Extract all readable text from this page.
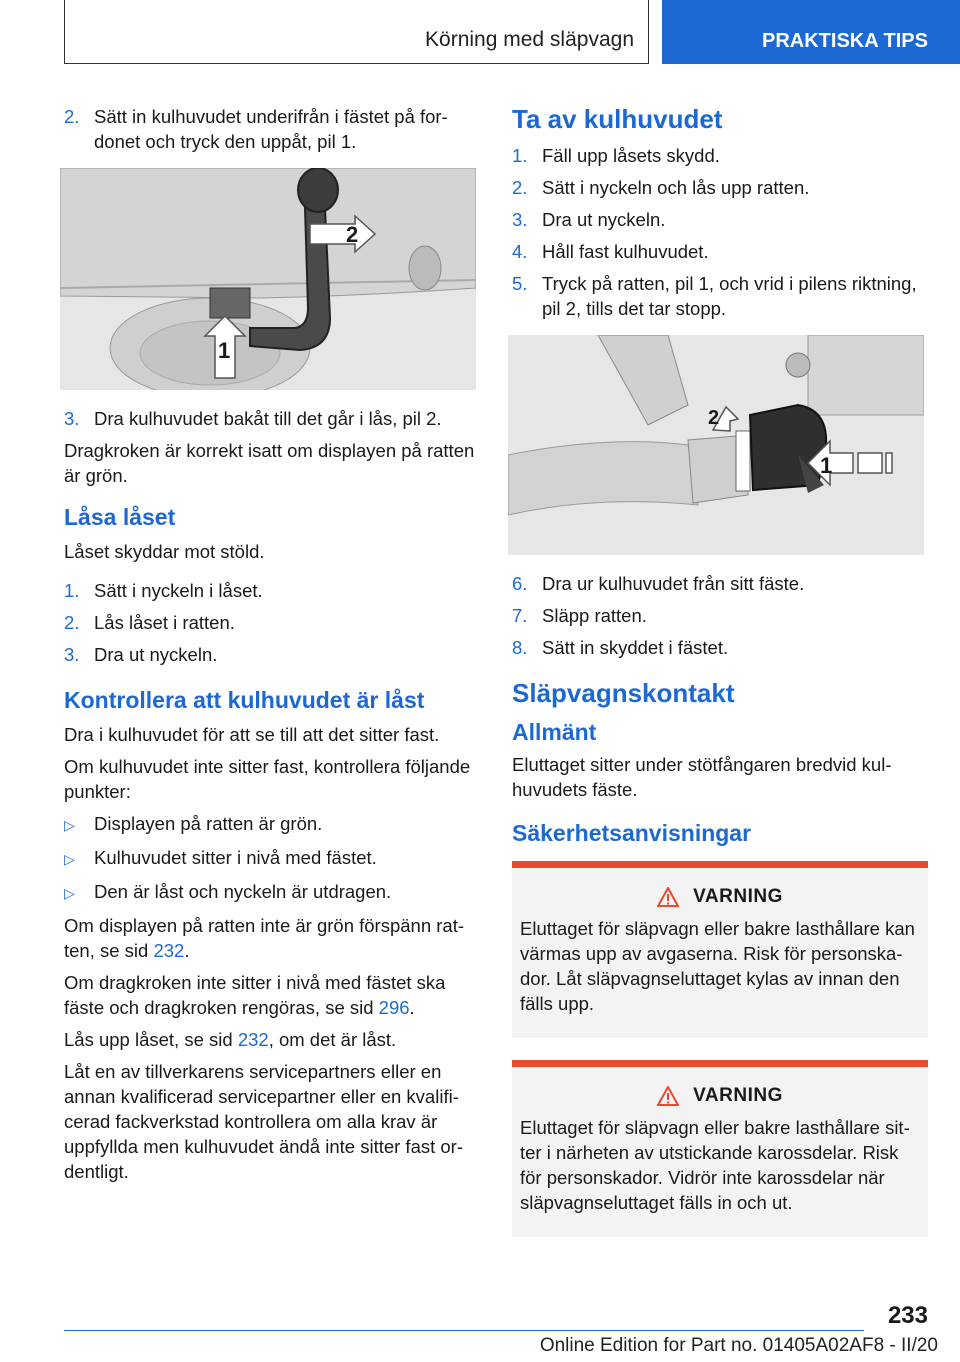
Körning med släpvagn	PRAKTISKA TIPS
2. Sätt in kulhuvudet underifrån i fästet på fordonet och tryck den uppåt, pil 1.
1
2
3. Dra kulhuvudet bakåt till det går i lås, pil 2.
Dragkroken är korrekt isatt om displayen på ratten är grön.
Låsa låset
Låset skyddar mot stöld.
1. Sätt i nyckeln i låset.
2. Lås låset i ratten.
3. Dra ut nyckeln.
Kontrollera att kulhuvudet är låst
Dra i kulhuvudet för att se till att det sitter fast.
Om kulhuvudet inte sitter fast, kontrollera följande punkter:
▷	Displayen på ratten är grön.
▷	Kulhuvudet sitter i nivå med fästet.
▷	Den är låst och nyckeln är utdragen.
Om displayen på ratten inte är grön förspänn ratten, se sid 232.
Om dragkroken inte sitter i nivå med fästet ska fäste och dragkroken rengöras, se sid 296.
Lås upp låset, se sid 232, om det är låst.
Låt en av tillverkarens servicepartners eller en annan kvalificerad servicepartner eller en kvalificerad fackverkstad kontrollera om alla krav är uppfyllda men kulhuvudet ändå inte sitter fast ordentligt.
Ta av kulhuvudet
1. Fäll upp låsets skydd.
2. Sätt i nyckeln och lås upp ratten.
3. Dra ut nyckeln.
4. Håll fast kulhuvudet.
5. Tryck på ratten, pil 1, och vrid i pilens riktning, pil 2, tills det tar stopp.
1
2
6. Dra ur kulhuvudet från sitt fäste.
7. Släpp ratten.
8. Sätt in skyddet i fästet.
Släpvagnskontakt
Allmänt
Eluttaget sitter under stötfångaren bredvid kulhuvudets fäste.
Säkerhetsanvisningar
VARNING
Eluttaget för släpvagn eller bakre lasthållare kan värmas upp av avgaserna. Risk för personskador. Låt släpvagnseluttaget kylas av innan den fälls upp.
VARNING
Eluttaget för släpvagn eller bakre lasthållare sitter i närheten av utstickande karossdelar. Risk för personskador. Vidrör inte karossdelar när släpvagnseluttaget fälls in och ut.
233
Online Edition for Part no. 01405A02AF8 - II/20
